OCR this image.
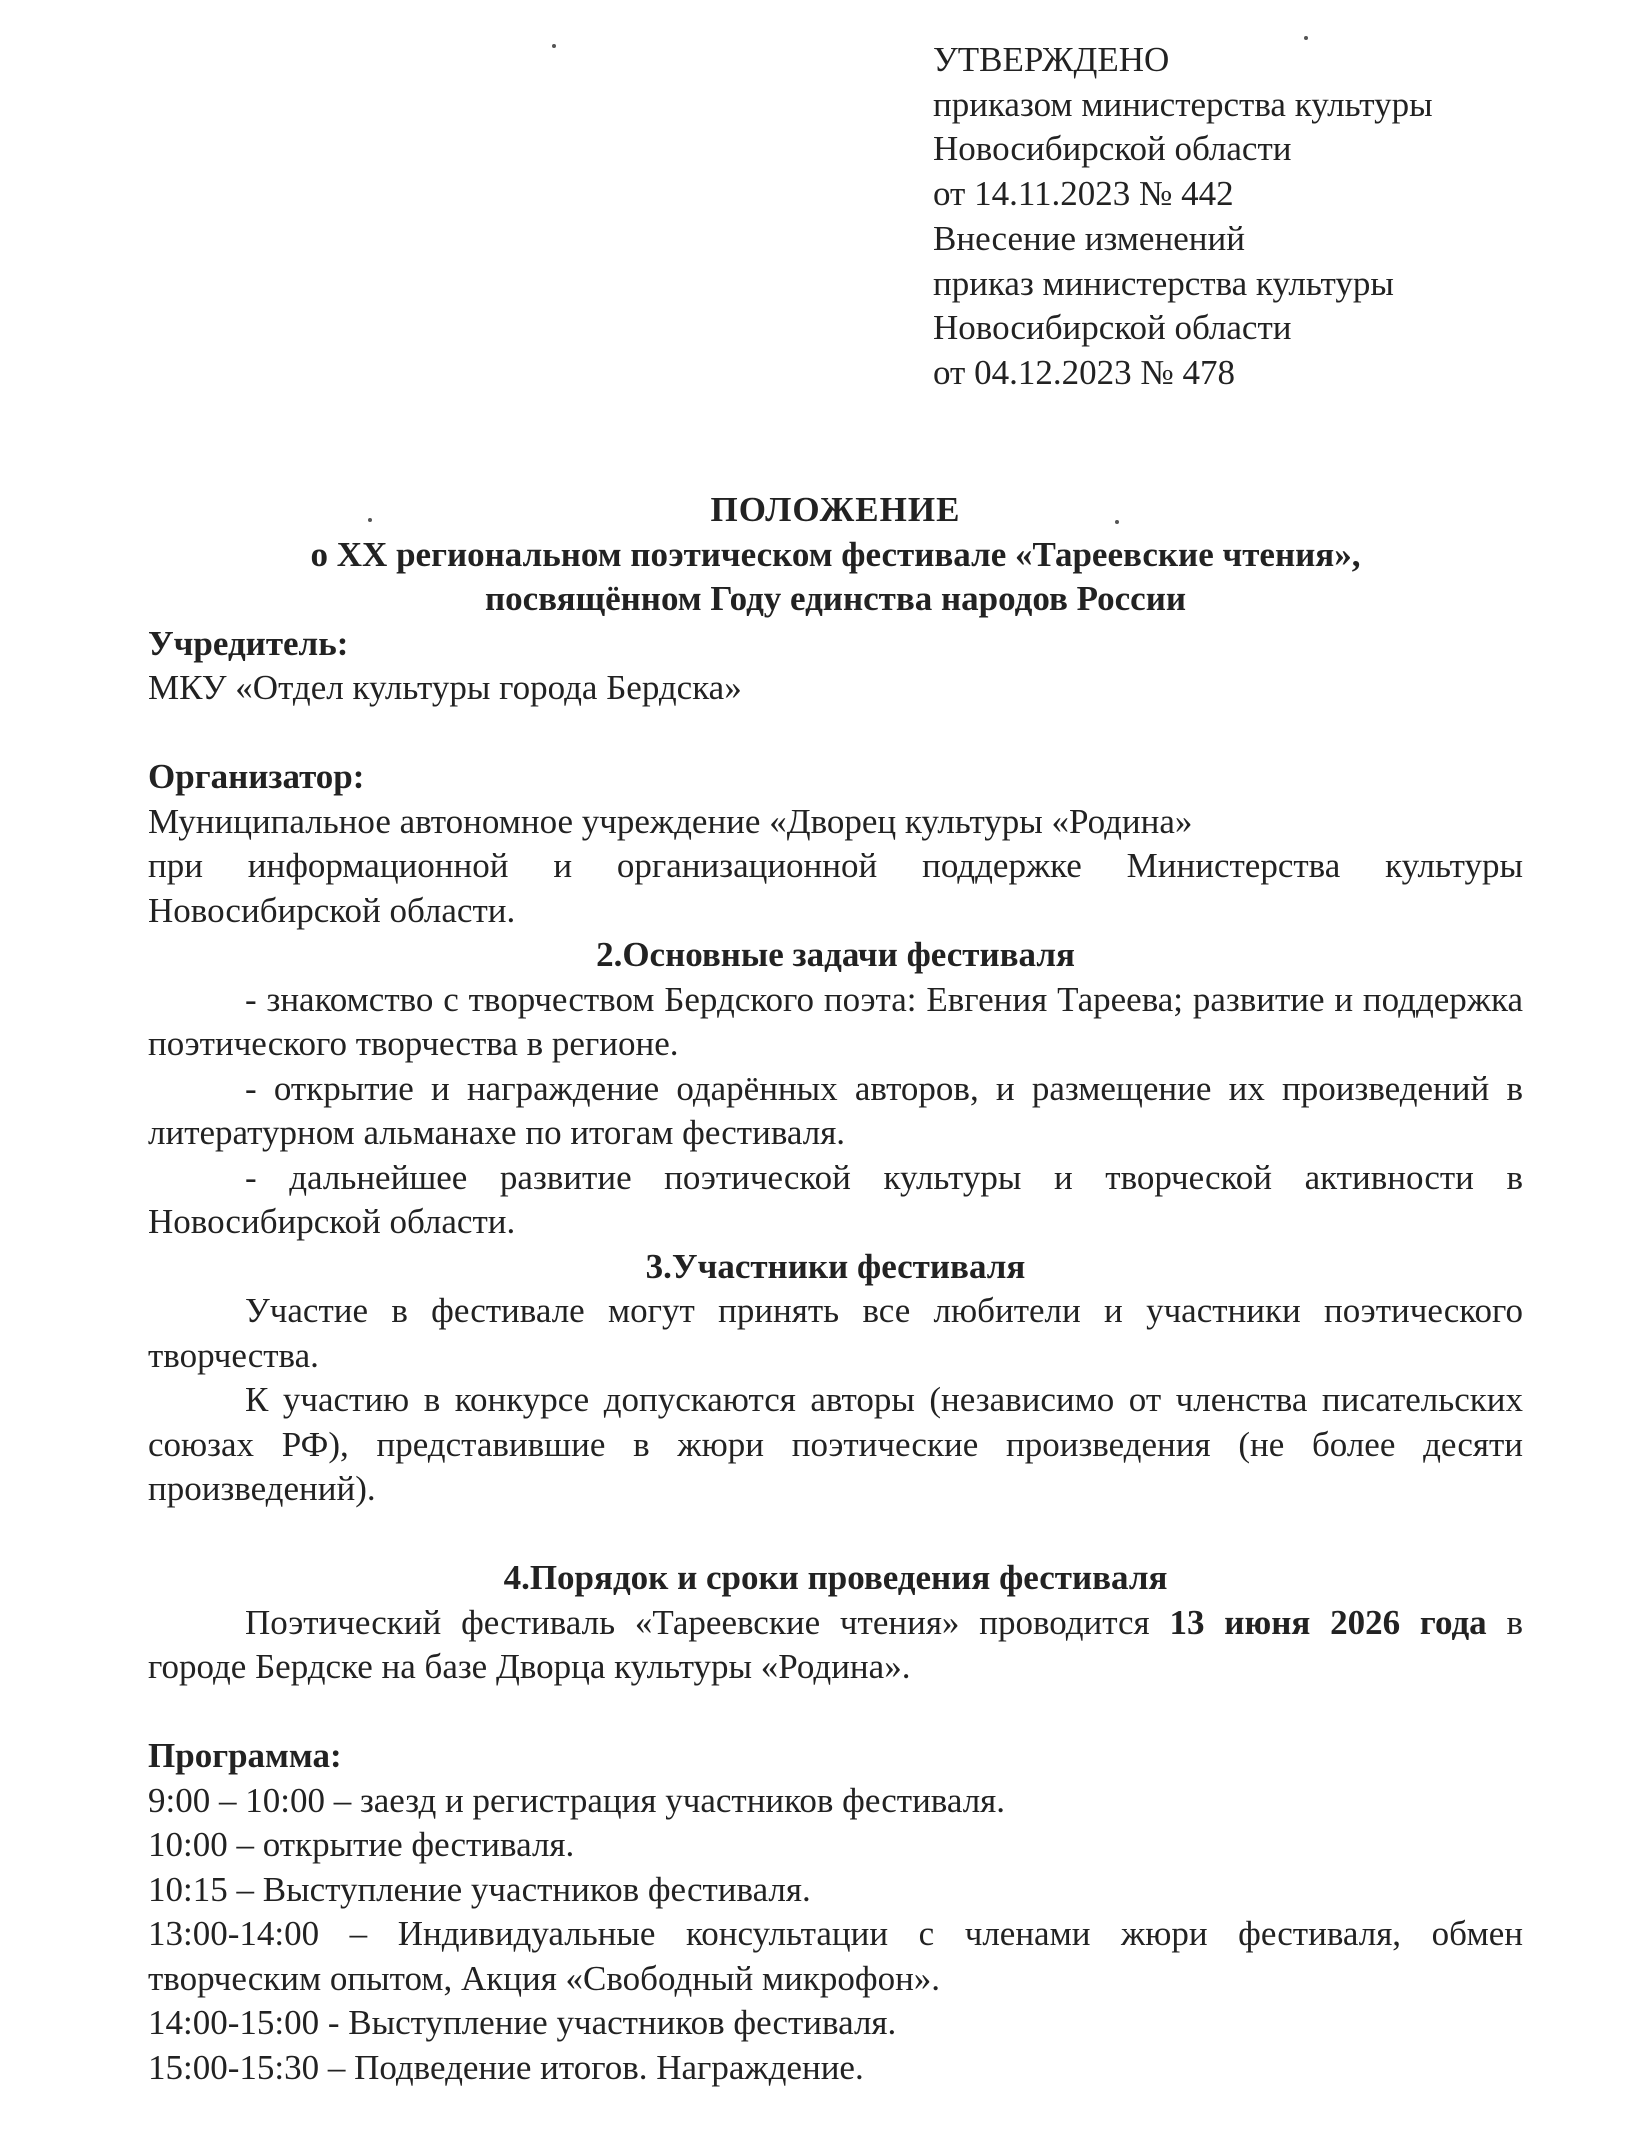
УТВЕРЖДЕНО
приказом министерства культуры
Новосибирской области
от 14.11.2023 № 442
Внесение изменений
приказ министерства культуры
Новосибирской области
от 04.12.2023 № 478
ПОЛОЖЕНИЕ
о XX региональном поэтическом фестивале «Тареевские чтения»,
посвящённом Году единства народов России
Учредитель:
МКУ «Отдел культуры города Бердска»
Организатор:
Муниципальное автономное учреждение «Дворец культуры «Родина»
при информационной и организационной поддержке Министерства культуры Новосибирской области.
2.Основные задачи фестиваля
- знакомство с творчеством Бердского поэта: Евгения Тареева; развитие и поддержка поэтического творчества в регионе.
- открытие и награждение одарённых авторов, и размещение их произведений в литературном альманахе по итогам фестиваля.
- дальнейшее развитие поэтической культуры и творческой активности в Новосибирской области.
3.Участники фестиваля
Участие в фестивале могут принять все любители и участники поэтического творчества.
К участию в конкурсе допускаются авторы (независимо от членства писательских союзах РФ), представившие в жюри поэтические произведения (не более десяти произведений).
4.Порядок и сроки проведения фестиваля
Поэтический фестиваль «Тареевские чтения» проводится 13 июня 2026 года в городе Бердске на базе Дворца культуры «Родина».
Программа:
9:00 – 10:00 – заезд и регистрация участников фестиваля.
10:00 – открытие фестиваля.
10:15 – Выступление участников фестиваля.
13:00-14:00 – Индивидуальные консультации с членами жюри фестиваля, обмен творческим опытом, Акция «Свободный микрофон».
14:00-15:00 - Выступление участников фестиваля.
15:00-15:30 – Подведение итогов. Награждение.
